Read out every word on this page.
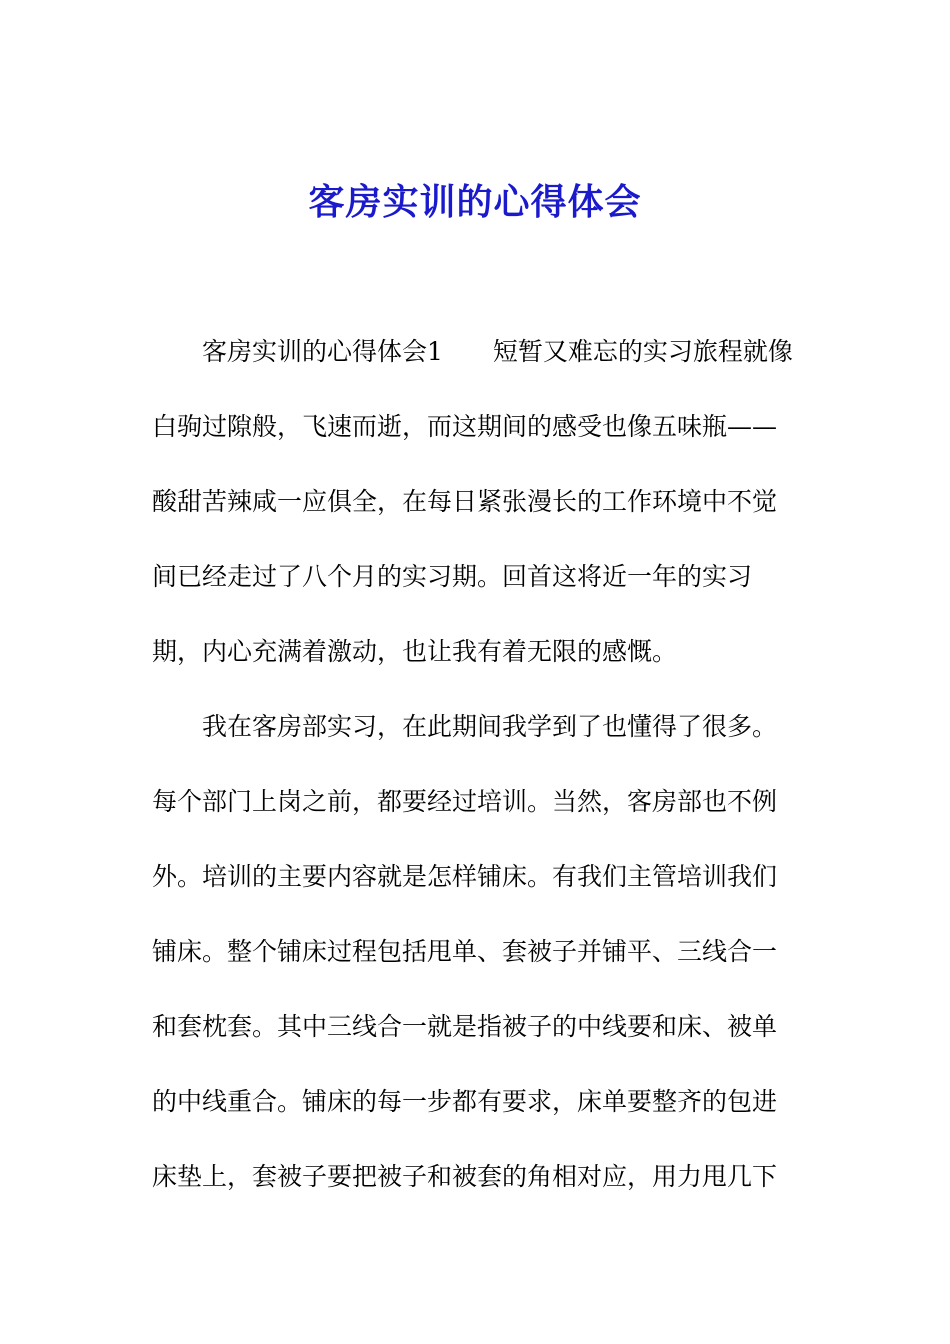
客房实训的心得体会

客房实训的心得体会1 短暂又难忘的实习旅程就像

白驹过隙般，飞速而逝，而这期间的感受也像五味瓶——

酸甜苦辣咸一应俱全，在每日紧张漫长的工作环境中不觉

间已经走过了八个月的实习期。回首这将近一年的实习

期，内心充满着激动，也让我有着无限的感慨。

我在客房部实习，在此期间我学到了也懂得了很多。

每个部门上岗之前，都要经过培训。当然，客房部也不例

外。培训的主要内容就是怎样铺床。有我们主管培训我们

铺床。整个铺床过程包括甩单、套被子并铺平、三线合一

和套枕套。其中三线合一就是指被子的中线要和床、被单

的中线重合。铺床的每一步都有要求，床单要整齐的包进

床垫上，套被子要把被子和被套的角相对应，用力甩几下
